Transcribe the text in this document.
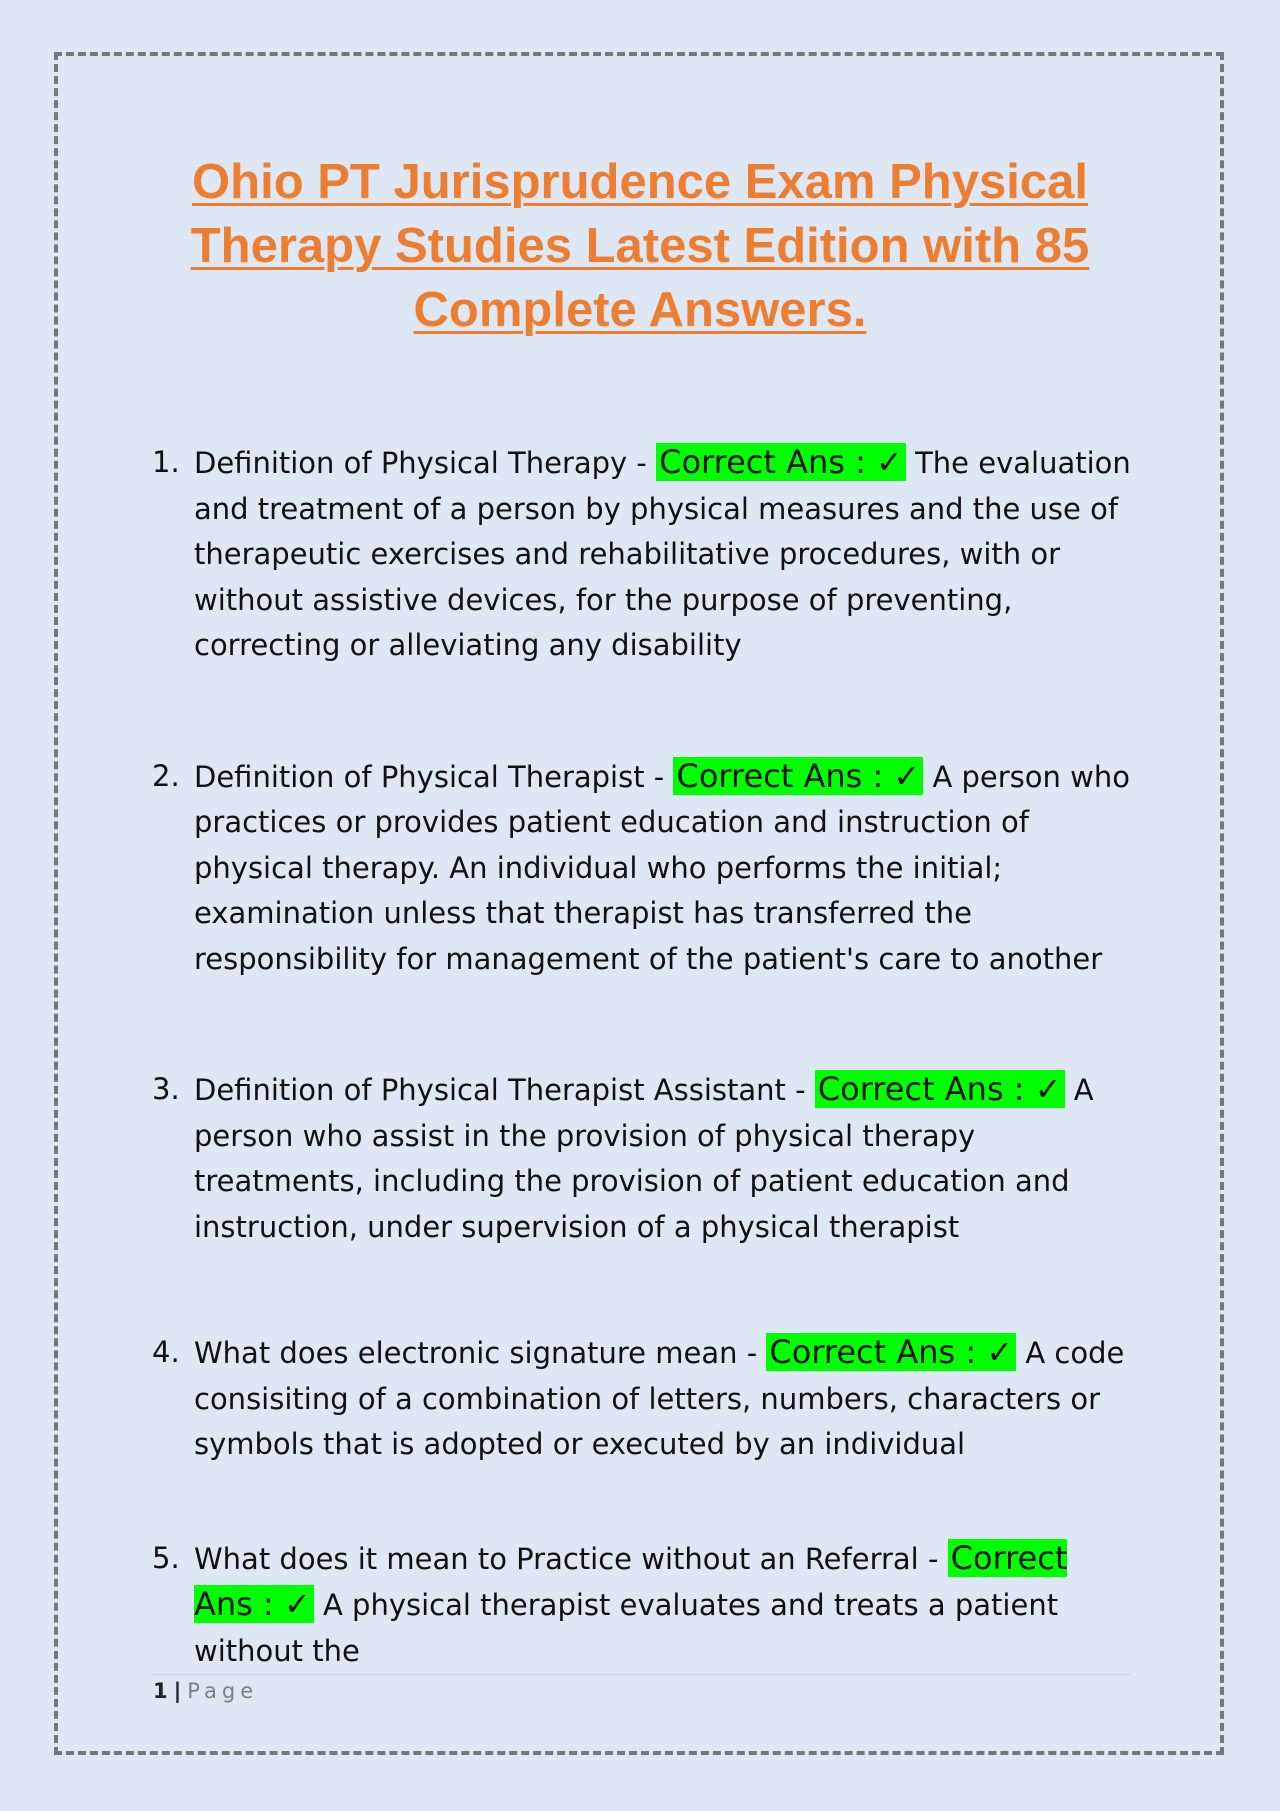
Ohio PT Jurisprudence Exam Physical Therapy Studies Latest Edition with 85 Complete Answers.
1. Definition of Physical Therapy - Correct Ans : ✓ The evaluation and treatment of a person by physical measures and the use of therapeutic exercises and rehabilitative procedures, with or without assistive devices, for the purpose of preventing, correcting or alleviating any disability
2. Definition of Physical Therapist - Correct Ans : ✓ A person who practices or provides patient education and instruction of physical therapy. An individual who performs the initial; examination unless that therapist has transferred the responsibility for management of the patient's care to another
3. Definition of Physical Therapist Assistant - Correct Ans : ✓ A person who assist in the provision of physical therapy treatments, including the provision of patient education and instruction, under supervision of a physical therapist
4. What does electronic signature mean - Correct Ans : ✓ A code consisiting of a combination of letters, numbers, characters or symbols that is adopted or executed by an individual
5. What does it mean to Practice without an Referral - Correct Ans : ✓ A physical therapist evaluates and treats a patient without the
1 | Page
